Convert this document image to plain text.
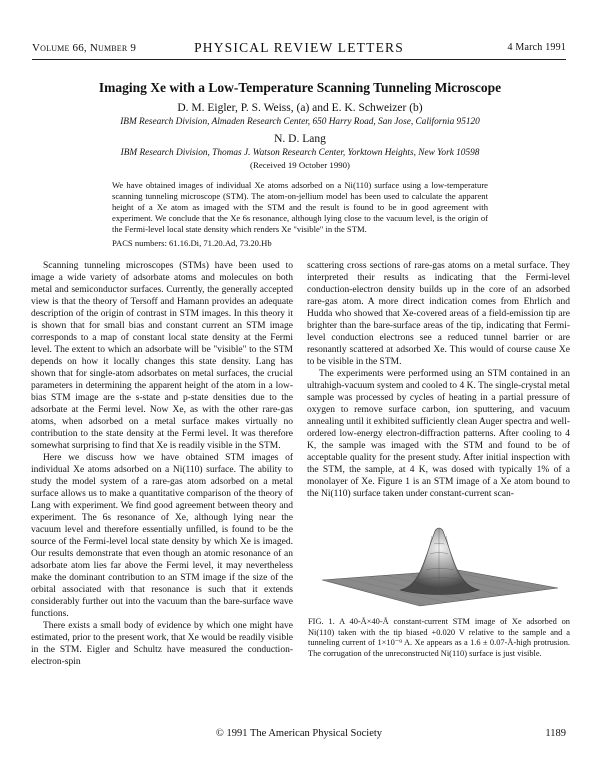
Volume 66, Number 9	PHYSICAL REVIEW LETTERS	4 March 1991
Imaging Xe with a Low-Temperature Scanning Tunneling Microscope
D. M. Eigler, P. S. Weiss, (a) and E. K. Schweizer (b)
IBM Research Division, Almaden Research Center, 650 Harry Road, San Jose, California 95120
N. D. Lang
IBM Research Division, Thomas J. Watson Research Center, Yorktown Heights, New York 10598
(Received 19 October 1990)
We have obtained images of individual Xe atoms adsorbed on a Ni(110) surface using a low-temperature scanning tunneling microscope (STM). The atom-on-jellium model has been used to calculate the apparent height of a Xe atom as imaged with the STM and the result is found to be in good agreement with experiment. We conclude that the Xe 6s resonance, although lying close to the vacuum level, is the origin of the Fermi-level local state density which renders Xe "visible" in the STM.
PACS numbers: 61.16.Di, 71.20.Ad, 73.20.Hb

Scanning tunneling microscopes (STMs) have been used to image a wide variety of adsorbate atoms and molecules on both metal and semiconductor surfaces. Currently, the generally accepted view is that the theory of Tersoff and Hamann provides an adequate description of the origin of contrast in STM images. In this theory it is shown that for small bias and constant current an STM image corresponds to a map of constant local state density at the Fermi level. The extent to which an adsorbate will be "visible" to the STM depends on how it locally changes this state density. Lang has shown that for single-atom adsorbates on metal surfaces, the crucial parameters in determining the apparent height of the atom in a low-bias STM image are the s-state and p-state densities due to the adsorbate at the Fermi level. Now Xe, as with the other rare-gas atoms, when adsorbed on a metal surface makes virtually no contribution to the state density at the Fermi level. It was therefore somewhat surprising to find that Xe is readily visible in the STM.

Here we discuss how we have obtained STM images of individual Xe atoms adsorbed on a Ni(110) surface. The ability to study the model system of a rare-gas atom adsorbed on a metal surface allows us to make a quantitative comparison of the theory of Lang with experiment. We find good agreement between theory and experiment. The 6s resonance of Xe, although lying near the vacuum level and therefore essentially unfilled, is found to be the source of the Fermi-level local state density by which Xe is imaged. Our results demonstrate that even though an atomic resonance of an adsorbate atom lies far above the Fermi level, it may nevertheless make the dominant contribution to an STM image if the size of the orbital associated with that resonance is such that it extends considerably further out into the vacuum than the bare-surface wave functions.

There exists a small body of evidence by which one might have estimated, prior to the present work, that Xe would be readily visible in the STM. Eigler and Schultz have measured the conduction-electron-spin

scattering cross sections of rare-gas atoms on a metal surface. They interpreted their results as indicating that the Fermi-level conduction-electron density builds up in the core of an adsorbed rare-gas atom. A more direct indication comes from Ehrlich and Hudda who showed that Xe-covered areas of a field-emission tip are brighter than the bare-surface areas of the tip, indicating that Fermi-level conduction electrons see a reduced tunnel barrier or are resonantly scattered at adsorbed Xe. This would of course cause Xe to be visible in the STM.

The experiments were performed using an STM contained in an ultrahigh-vacuum system and cooled to 4 K. The single-crystal metal sample was processed by cycles of heating in a partial pressure of oxygen to remove surface carbon, ion sputtering, and vacuum annealing until it exhibited sufficiently clean Auger spectra and well-ordered low-energy electron-diffraction patterns. After cooling to 4 K, the sample was imaged with the STM and found to be of acceptable quality for the present study. After initial inspection with the STM, the sample, at 4 K, was dosed with typically 1% of a monolayer of Xe. Figure 1 is an STM image of a Xe atom bound to the Ni(110) surface taken under constant-current scan-

FIG. 1. A 40-Å×40-Å constant-current STM image of Xe adsorbed on Ni(110) taken with the tip biased +0.020 V relative to the sample and a tunneling current of 1×10⁻⁹ A. Xe appears as a 1.6 ± 0.07-Å-high protrusion. The corrugation of the unreconstructed Ni(110) surface is just visible.
© 1991 The American Physical Society	1189
